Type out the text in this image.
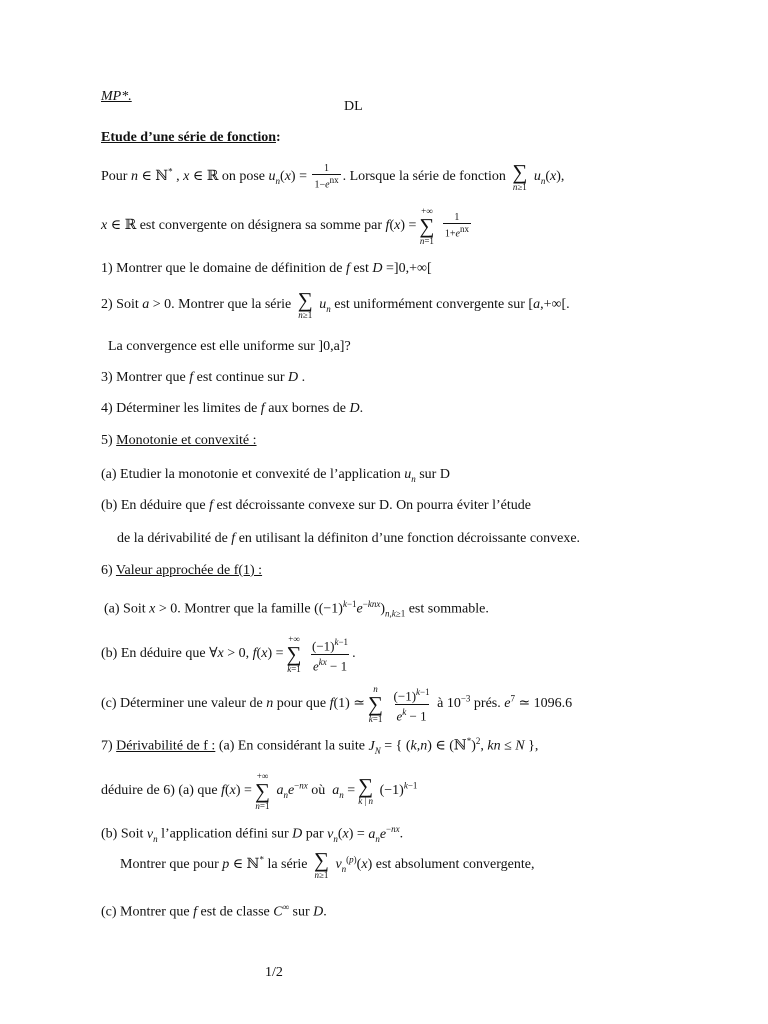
MP*.
DL
Etude d’une série de fonction:
Pour n ∈ ℕ* , x ∈ ℝ on pose $u_n(x) = \frac{1}{1-e^{nx}}$ . Lorsque la série de fonction ∑
n≥1
$u_n(x)$,
x ∈ ℝ est convergente on désignera sa somme par f(x) =
+∞
∑
n=1

$\frac{1}{1+e^{nx}}$
1) Montrer que le domaine de définition de f est D =]0,+∞[
2) Soit a > 0. Montrer que la série ∑
n≥1
$u_n$ est uniformément convergente sur [a,+∞[.
La convergence est elle uniforme sur ]0,a]?
3) Montrer que f est continue sur D .
4) Déterminer les limites de f aux bornes de D.
5) Monotonie et convexité :
(a) Etudier la monotonie et convexité de l’application $u_n$ sur D
(b) En déduire que f est décroissante convexe sur D. On pourra éviter l’étude
de la dérivabilité de f en utilisant la définiton d’une fonction décroissante convexe.
6) Valeur approchée de f(1) :
(a) Soit x > 0. Montrer que la famille $((-1)^{k-1}e^{-knx})_{n,k\ge 1}$ est sommable.
(b) En déduire que ∀x > 0, f(x) =
+∞
∑
k=1
$\frac{(-1)^{k-1}}{e^{kx} - 1}$ .
(c) Déterminer une valeur de n pour que f(1) ≃
n
∑
k=1
$\frac{(-1)^{k-1}}{e^k - 1}$ à $10^{-3}$ prés. $e^7$ ≃ 1096.6
7) Dérivabilité de f : (a) En considérant la suite $J_N$ = { (k,n) ∈ (ℕ*)$^2$, kn ≤ N },
déduire de 6) (a) que f(x) =
+∞
∑
n=1
$a_ne^{-nx}$ où  $a_n$ = ∑
k | n
$(-1)^{k-1}$
(b) Soit $v_n$ l’application défini sur D par $v_n(x) = a_ne^{-nx}$.
Montrer que pour p ∈ ℕ* la série ∑
n≥1
$v_n^{(p)}(x)$ est absolument convergente,
(c) Montrer que f est de classe C∞ sur D.
1/2
